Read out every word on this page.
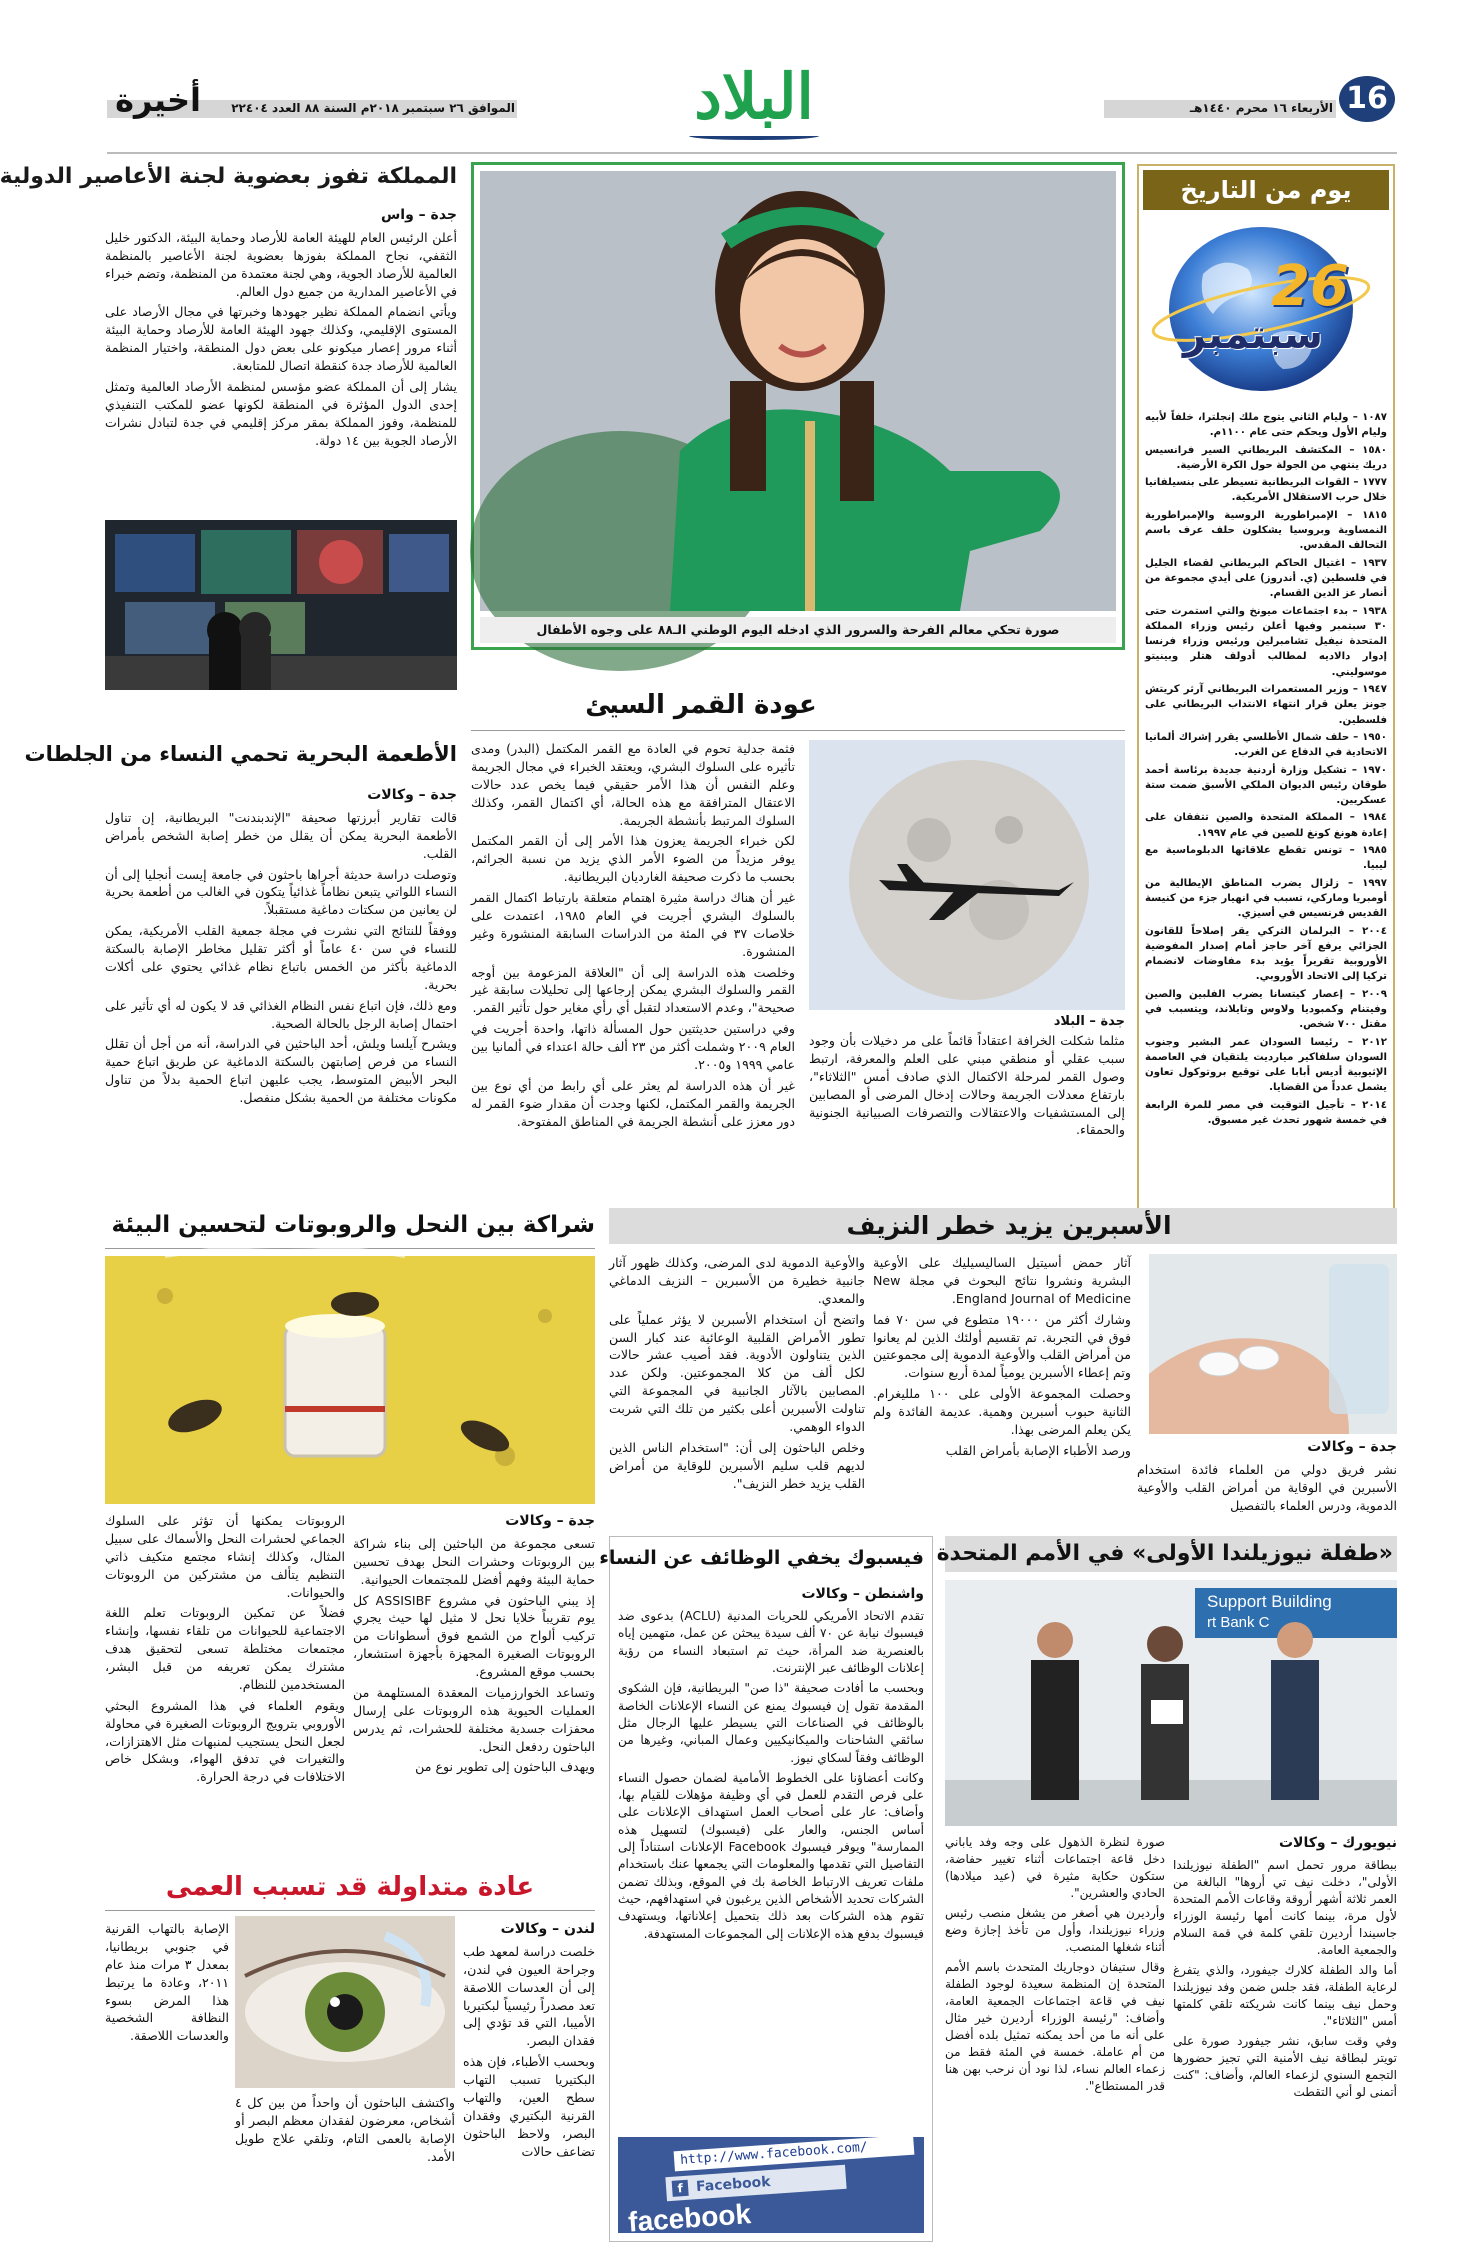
16
الأربعاء ١٦ محرم ١٤٤٠هـ
البلاد
الموافق ٢٦ سبتمبر ٢٠١٨م السنة ٨٨ العدد ٢٢٤٠٤
أخيرة
يوم من التاريخ
26
سبتمبر

١٠٨٧ – وليام الثاني يتوج ملك إنجلترا، خلفاً لأبيه وليام الأول ويحكم حتى عام ١١٠٠م.

١٥٨٠ – المكتشف البريطاني السير فرانسيس دريك ينتهي من الجولة حول الكرة الأرضية.

١٧٧٧ – القوات البريطانية تسيطر على بنسيلفانيا خلال حرب الاستقلال الأمريكية.

١٨١٥ – الإمبراطورية الروسية والإمبراطورية النمساوية وبروسيا يشكلون حلف عرف باسم التحالف المقدس.

١٩٣٧ – اغتيال الحاكم البريطاني لقضاء الجليل في فلسطين (ي. أندروز) على أيدي مجموعة من أنصار عز الدين القسام.

١٩٣٨ – بدء اجتماعات ميونخ والتي استمرت حتى ٣٠ سبتمبر وفيها أعلن رئيس وزراء المملكة المتحدة نيفيل تشامبرلين ورئيس وزراء فرنسا إدوار دالاديه لمطالب أدولف هتلر وبينيتو موسوليني.

١٩٤٧ – وزير المستعمرات البريطاني آرثر كريتش جونز يعلن قرار انتهاء الانتداب البريطاني على فلسطين.

١٩٥٠ – حلف شمال الأطلسي يقرر إشراك ألمانيا الاتحادية في الدفاع عن الغرب.

١٩٧٠ – تشكيل وزارة أردنية جديدة برئاسة أحمد طوقان رئيس الديوان الملكي الأسبق ضمت ستة عسكريين.

١٩٨٤ – المملكة المتحدة والصين تتفقان على إعادة هونغ كونغ للصين في عام ١٩٩٧.

١٩٨٥ – تونس تقطع علاقاتها الدبلوماسية مع ليبيا.

١٩٩٧ – زلزال يضرب المناطق الإيطالية من أومبريا وماركي، تسبب في انهيار جزء من كنيسة القديس فرنسيس في أسيزي.

٢٠٠٤ – البرلمان التركي يقر إصلاحاً للقانون الجزائي يرفع آخر حاجز أمام إصدار المفوضية الأوروبية تقريراً يؤيد بدء مفاوضات لانضمام تركيا إلى الاتحاد الأوروبي.

٢٠٠٩ – إعصار كيتسانا يضرب الفلبين والصين وفيتنام وكمبوديا ولاوس وتايلاند، ويتسبب في مقتل ٧٠٠ شخص.

٢٠١٢ – رئيسا السودان عمر البشير وجنوب السودان سلفاكير ميارديت يلتقيان في العاصمة الإثيوبية أديس أبابا على توقيع بروتوكول تعاون يشمل عدداً من القضايا.

٢٠١٤ – تأجيل التوقيت في مصر للمرة الرابعة في خمسة شهور تحدث غير مسبوق.

صورة تحكي معالم الفرحة والسرور الذي ادخله اليوم الوطني الـ٨٨ على وجوه الأطفال
المملكة تفوز بعضوية لجنة الأعاصير الدولية
جدة – واس

أعلن الرئيس العام للهيئة العامة للأرصاد وحماية البيئة، الدكتور خليل الثقفي، نجاح المملكة بفوزها بعضوية لجنة الأعاصير بالمنظمة العالمية للأرصاد الجوية، وهي لجنة معتمدة من المنظمة، وتضم خبراء في الأعاصير المدارية من جميع دول العالم.

ويأتي انضمام المملكة نظير جهودها وخبرتها في مجال الأرصاد على المستوى الإقليمي، وكذلك جهود الهيئة العامة للأرصاد وحماية البيئة أثناء مرور إعصار ميكونو على بعض دول المنطقة، واختيار المنظمة العالمية للأرصاد جدة كنقطة اتصال للمتابعة.

يشار إلى أن المملكة عضو مؤسس لمنظمة الأرصاد العالمية وتمثل إحدى الدول المؤثرة في المنطقة لكونها عضو للمكتب التنفيذي للمنظمة، وفوز المملكة بمقر مركز إقليمي في جدة لتبادل نشرات الأرصاد الجوية بين ١٤ دولة.

عودة القمر السيئ
جدة – البلاد

مثلما شكلت الخرافة اعتقاداً قائماً على مر دخيلات بأن وجود سبب عقلي أو منطقي مبني على العلم والمعرفة، ارتبط وصول القمر لمرحلة الاكتمال الذي صادف أمس "الثلاثاء"، بارتفاع معدلات الجريمة وحالات إدخال المرضى أو المصابين إلى المستشفيات والاعتقالات والتصرفات الصبيانية الجنونية والحمقاء.

فثمة جدلية تحوم في العادة مع القمر المكتمل (البدر) ومدى تأثيره على السلوك البشري، ويعتقد الخبراء في مجال الجريمة وعلم النفس أن هذا الأمر حقيقي فيما يخص عدد حالات الاعتقال المترافقة مع هذه الحالة، أي اكتمال القمر، وكذلك السلوك المرتبط بأنشطة الجريمة.

لكن خبراء الجريمة يعزون هذا الأمر إلى أن القمر المكتمل يوفر مزيداً من الضوء الأمر الذي يزيد من نسبة الجرائم، بحسب ما ذكرت صحيفة الغارديان البريطانية.

غير أن هناك دراسة مثيرة اهتمام متعلقة بارتباط اكتمال القمر بالسلوك البشري أجريت في العام ١٩٨٥، اعتمدت على خلاصات ٣٧ في المئة من الدراسات السابقة المنشورة وغير المنشورة.

وخلصت هذه الدراسة إلى أن "العلاقة المزعومة بين أوجه القمر والسلوك البشري يمكن إرجاعها إلى تحليلات سابقة غير صحيحة"، وعدم الاستعداد لتقبل أي رأي مغاير حول تأثير القمر.

وفي دراستين حديثتين حول المسألة ذاتها، واحدة أجريت في العام ٢٠٠٩ وشملت أكثر من ٢٣ ألف حالة اعتداء في ألمانيا بين عامي ١٩٩٩ و٢٠٠٥.

غير أن هذه الدراسة لم يعثر على أي رابط من أي نوع بين الجريمة والقمر المكتمل، لكنها وجدت أن مقدار ضوء القمر له دور معزز على أنشطة الجريمة في المناطق المفتوحة.

الأطعمة البحرية تحمي النساء من الجلطات
جدة – وكالات

قالت تقارير أبرزتها صحيفة "الإندبندنت" البريطانية، إن تناول الأطعمة البحرية يمكن أن يقلل من خطر إصابة الشخص بأمراض القلب.

وتوصلت دراسة حديثة أجراها باحثون في جامعة إيست أنجليا إلى أن النساء اللواتي يتبعن نظاماً غذائياً يتكون في الغالب من أطعمة بحرية لن يعانين من سكتات دماغية مستقبلاً.

ووفقاً للنتائج التي نشرت في مجلة جمعية القلب الأمريكية، يمكن للنساء في سن ٤٠ عاماً أو أكثر تقليل مخاطر الإصابة بالسكتة الدماغية بأكثر من الخمس باتباع نظام غذائي يحتوي على أكلات بحرية.

ومع ذلك، فإن اتباع نفس النظام الغذائي قد لا يكون له أي تأثير على احتمال إصابة الرجل بالحالة الصحية.

ويشرح آيلسا ويلش، أحد الباحثين في الدراسة، أنه من أجل أن تقلل النساء من فرص إصابتهن بالسكتة الدماغية عن طريق اتباع حمية البحر الأبيض المتوسط، يجب عليهن اتباع الحمية بدلاً من تناول مكونات مختلفة من الحمية بشكل منفصل.

الأسبرين يزيد خطر النزيف
جدة – وكالات

نشر فريق دولي من العلماء فائدة استخدام الأسبرين في الوقاية من أمراض القلب والأوعية الدموية، ودرس العلماء بالتفصيل

آثار حمض أسيتيل الساليسيليك على الأوعية البشرية ونشروا نتائج البحوث في مجلة New England Journal of Medicine.

وشارك أكثر من ١٩٠٠٠ متطوع في سن ٧٠ فما فوق في التجربة. تم تقسيم أولئك الذين لم يعانوا من أمراض القلب والأوعية الدموية إلى مجموعتين وتم إعطاء الأسبرين يومياً لمدة أربع سنوات.

وحصلت المجموعة الأولى على ١٠٠ ملليغرام. الثانية حبوب أسبرين وهمية. عديمة الفائدة ولم يكن يعلم المرضى بهذا.

ورصد الأطباء الإصابة بأمراض القلب

والأوعية الدموية لدى المرضى، وكذلك ظهور آثار جانبية خطيرة من الأسبرين – النزيف الدماغي والمعدي.

واتضح أن استخدام الأسبرين لا يؤثر عملياً على تطور الأمراض القلبية الوعائية عند كبار السن الذين يتناولون الأدوية. فقد أصيب عشر حالات لكل ألف من كلا المجموعتين. ولكن عدد المصابين بالآثار الجانبية في المجموعة التي تناولت الأسبرين أعلى بكثير من تلك التي شربت الدواء الوهمي.

وخلص الباحثون إلى أن: "استخدام الناس الذين لديهم قلب سليم الأسبرين للوقاية من أمراض القلب يزيد خطر النزيف".

شراكة بين النحل والروبوتات لتحسين البيئة
جدة – وكالات

تسعى مجموعة من الباحثين إلى بناء شراكة بين الروبوتات وحشرات النحل بهدف تحسين حماية البيئة وفهم أفضل للمجتمعات الحيوانية.

إذ يبني الباحثون في مشروع ASSISIBF كل يوم تقريباً خلايا نحل لا مثيل لها حيث يجري تركيب ألواح من الشمع فوق أسطوانات من الروبوتات الصغيرة المجهزة بأجهزة استشعار، بحسب موقع المشروع.

وتساعد الخوارزميات المعقدة المستلهمة من العمليات الحيوية هذه الروبوتات على إرسال محفزات جسدية مختلفة للحشرات، ثم يدرس الباحثون ردفعل النحل.

ويهدف الباحثون إلى تطوير نوع من

الروبوتات يمكنها أن تؤثر على السلوك الجماعي لحشرات النحل والأسماك على سبيل المثال، وكذلك إنشاء مجتمع متكيف ذاتي التنظيم يتألف من مشتركين من الروبوتات والحيوانات.

فضلاً عن تمكين الروبوتات تعلم اللغة الاجتماعية للحيوانات من تلقاء نفسها، وإنشاء مجتمعات مختلطة تسعى لتحقيق هدف مشترك يمكن تعريفه من قبل البشر، المستخدمين للنظام.

ويقوم العلماء في هذا المشروع البحثي الأوروبي بترويج الروبوتات الصغيرة في محاولة لجعل النحل يستجيب لمنبهات مثل الاهتزازات، والتغيرات في تدفق الهواء، وبشكل خاص الاختلافات في درجة الحرارة.

فيسبوك يخفي الوظائف عن النساء
واشنطن – وكالات

تقدم الاتحاد الأمريكي للحريات المدنية (ACLU) بدعوى ضد فيسبوك نيابة عن ٧٠ ألف سيدة يبحثن عن عمل، متهمين إياه بالعنصرية ضد المرأة، حيث تم استبعاد النساء من رؤية إعلانات الوظائف عبر الإنترنت.

وبحسب ما أفادت صحيفة "ذا صن" البريطانية، فإن الشكوى المقدمة تقول إن فيسبوك يمنع عن النساء الإعلانات الخاصة بالوظائف في الصناعات التي يسيطر عليها الرجال مثل سائقي الشاحنات والميكانيكيين وعمال المباني، وغيرها من الوظائف وفقاً لسكاي نيوز.

وكانت أعضاؤنا على الخطوط الأمامية لضمان حصول النساء على فرص التقدم للعمل في أي وظيفة مؤهلات للقيام بها، وأضاف: عار على أصحاب العمل استهداف الإعلانات على أساس الجنس، والعار على (فيسبوك) لتسهيل هذه الممارسة" ويوفر فيسبوك Facebook الإعلانات استناداً إلى التفاصيل التي تقدمها والمعلومات التي يجمعها عنك باستخدام ملفات تعريف الارتباط الخاصة بك في الموقع، وبذلك تضمن الشركات تحديد الأشخاص الذين يرغبون في استهدافهم، حيث تقوم هذه الشركات بعد ذلك بتحميل إعلاناتها، ويستهدف فيسبوك بدفع هذه الإعلانات إلى المجموعات المستهدفة.

http://www.facebook.com/
f Facebook
facebook
«طفلة نيوزيلندا الأولى» في الأمم المتحدة
Support Building
rt Bank C
نيويورك – وكالات

ببطاقة مرور تحمل اسم "الطفلة نيوزيلندا الأولى"، دخلت نيف تي أروها" البالغة من العمر ثلاثة أشهر أروقة وقاعات الأمم المتحدة لأول مرة، بينما كانت أمها رئيسة الوزراء جاسيندا أرديرن تلقي كلمة في قمة السلام والجمعية العامة.

أما والد الطفلة كلارك جيفورد، والذي يتفرغ لرعاية الطفلة، فقد جلس ضمن وفد نيوزيلندا وحمل نيف بينما كانت شريكته تلقي كلمتها أمس "الثلاثاء".

وفي وقت سابق، نشر جيفورد صورة على تويتر لبطاقة نيف الأمنية التي تجيز حضورها التجمع السنوي لزعماء العالم، وأضاف: "كنت أتمنى لو أني التقطت

صورة لنظرة الذهول على وجه وفد ياباني دخل قاعة اجتماعات أثناء تغيير حفاضة، ستكون حكاية مثيرة في (عيد ميلادها) الحادي والعشرين".

وأرديرن هي أصغر من يشغل منصب رئيس وزراء نيوزيلندا، وأول من تأخذ إجازة وضع أثناء شغلها المنصب.

وقال ستيفان دوجاريك المتحدث باسم الأمم المتحدة إن المنظمة سعيدة لوجود الطفلة نيف في قاعة اجتماعات الجمعية العامة، وأضاف: "رئيسة الوزراء أرديرن خير مثال على أنه ما من أحد يمكنه تمثيل بلده أفضل من أم عاملة. خمسة في المئة فقط من زعماء العالم نساء، لذا نود أن نرحب بهن هنا قدر المستطاع".

عادة متداولة قد تسبب العمى
لندن – وكالات

خلصت دراسة لمعهد طب وجراحة العيون في لندن، إلى أن العدسات اللاصقة تعد مصدراً رئيسياً لبكتيريا الأميبا، التي قد تؤدي إلى فقدان البصر.

وبحسب الأطباء، فإن هذه البكتيريا تسبب التهاب سطح العين، والتهاب القرنية البكتيري وفقدان البصر، ولاحظ الباحثون تضاعف حالات

الإصابة بالتهاب القرنية في جنوبي بريطانيا، بمعدل ٣ مرات منذ عام ٢٠١١، وعادة ما يرتبط هذا المرض بسوء النظافة الشخصية والعدسات اللاصقة.

واكتشف الباحثون أن واحداً من بين كل ٤ أشخاص، معرضون لفقدان معظم البصر أو الإصابة بالعمى التام، وتلقي علاج طويل الأمد.
